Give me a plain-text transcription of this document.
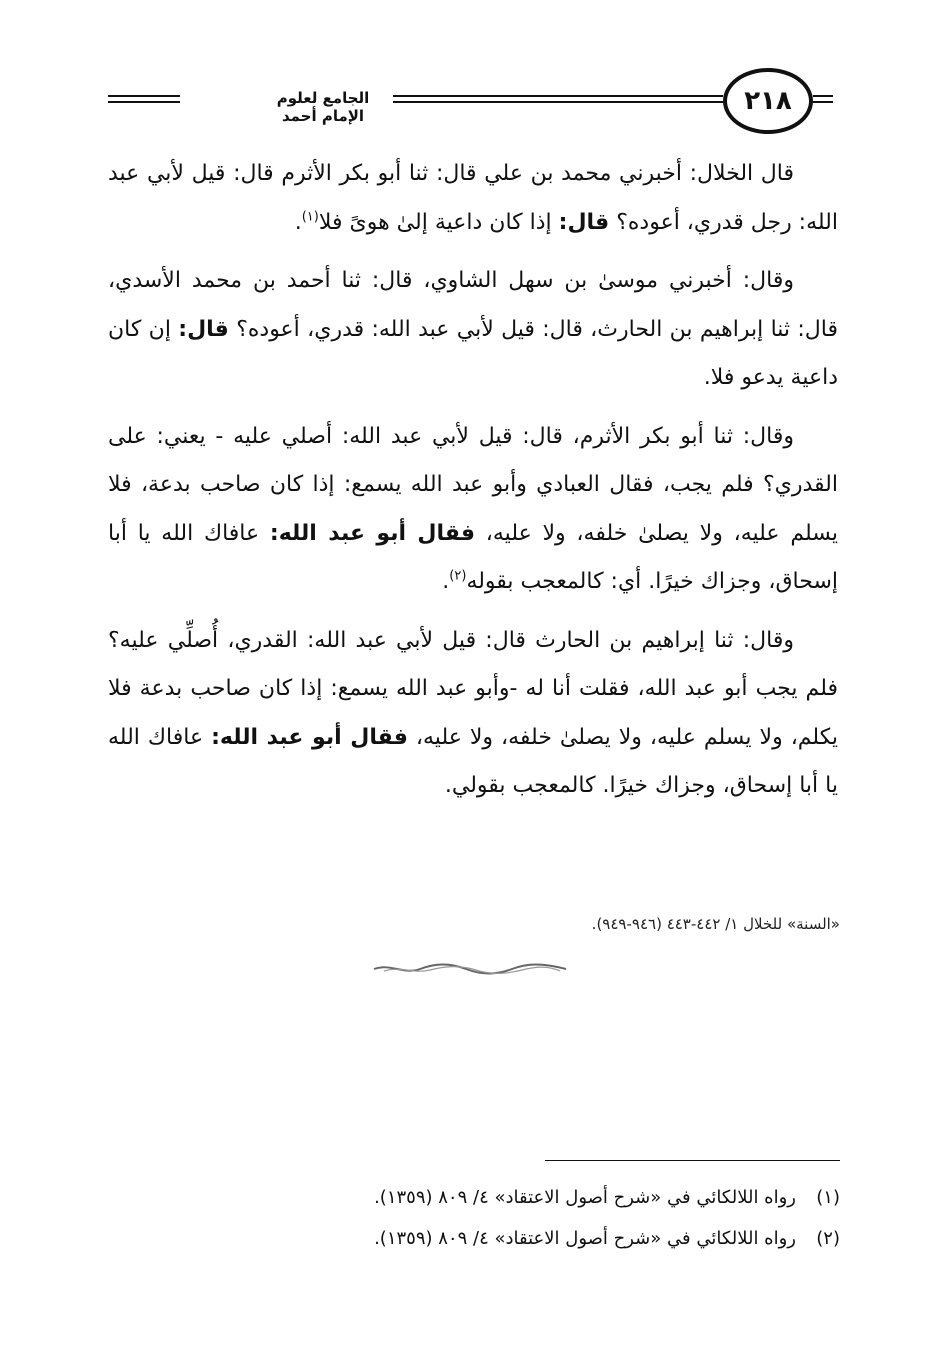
الجامع لعلوم الإمام أحمد	٢١٨

قال الخلال: أخبرني محمد بن علي قال: ثنا أبو بكر الأثرم قال: قيل لأبي عبد الله: رجل قدري، أعوده؟ قال: إذا كان داعية إلىٰ هوىً فلا$^{(١)}$.

وقال: أخبرني موسىٰ بن سهل الشاوي، قال: ثنا أحمد بن محمد الأسدي، قال: ثنا إبراهيم بن الحارث، قال: قيل لأبي عبد الله: قدري، أعوده؟ قال: إن كان داعية يدعو فلا.

وقال: ثنا أبو بكر الأثرم، قال: قيل لأبي عبد الله: أصلي عليه - يعني: على القدري؟ فلم يجب، فقال العبادي وأبو عبد الله يسمع: إذا كان صاحب بدعة، فلا يسلم عليه، ولا يصلىٰ خلفه، ولا عليه، فقال أبو عبد الله: عافاك الله يا أبا إسحاق، وجزاك خيرًا. أي: كالمعجب بقوله$^{(٢)}$.

وقال: ثنا إبراهيم بن الحارث قال: قيل لأبي عبد الله: القدري، أُصلِّي عليه؟ فلم يجب أبو عبد الله، فقلت أنا له -وأبو عبد الله يسمع: إذا كان صاحب بدعة فلا يكلم، ولا يسلم عليه، ولا يصلىٰ خلفه، ولا عليه، فقال أبو عبد الله: عافاك الله يا أبا إسحاق، وجزاك خيرًا. كالمعجب بقولي.

«السنة» للخلال ١/ ٤٤٢-٤٤٣ (٩٤٦-٩٤٩).
(١)
رواه اللالكائي في «شرح أصول الاعتقاد» ٤/ ٨٠٩ (١٣٥٩).
(٢)
رواه اللالكائي في «شرح أصول الاعتقاد» ٤/ ٨٠٩ (١٣٥٩).
